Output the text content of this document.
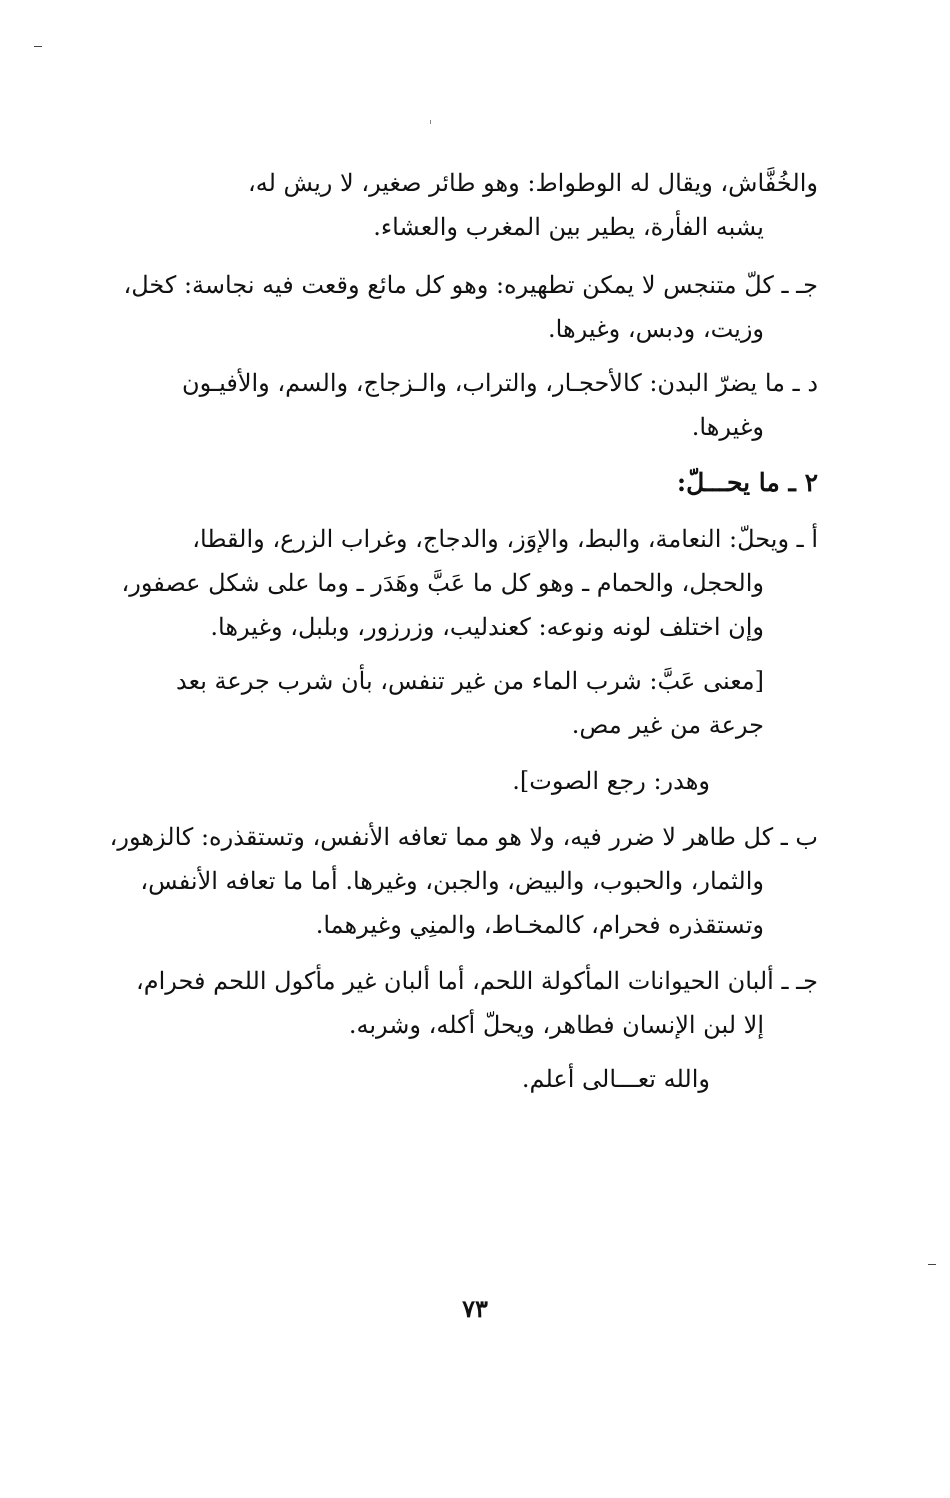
والخُفَّاش، ويقال له الوطواط: وهو طائر صغير، لا ريش له،
يشبه الفأرة، يطير بين المغرب والعشاء.
جـ ـ كلّ متنجس لا يمكن تطهيره: وهو كل مائع وقعت فيه نجاسة: كخل،
وزيت، ودبس، وغيرها.
د ـ ما يضرّ البدن: كالأحجـار، والتراب، والـزجاج، والسم، والأفيـون
وغيرها.
٢ ـ ما يحـــلّ:
أ ـ ويحلّ: النعامة، والبط، والإوَز، والدجاج، وغراب الزرع، والقطا،
والحجل، والحمام ـ وهو كل ما عَبَّ وهَدَر ـ وما على شكل عصفور،
وإن اختلف لونه ونوعه: كعندليب، وزرزور، وبلبل، وغيرها.
[معنى عَبَّ: شرب الماء من غير تنفس، بأن شرب جرعة بعد
جرعة من غير مص.
وهدر: رجع الصوت].
ب ـ كل طاهر لا ضرر فيه، ولا هو مما تعافه الأنفس، وتستقذره: كالزهور،
والثمار، والحبوب، والبيض، والجبن، وغيرها. أما ما تعافه الأنفس،
وتستقذره فحرام، كالمخـاط، والمنِي وغيرهما.
جـ ـ ألبان الحيوانات المأكولة اللحم، أما ألبان غير مأكول اللحم فحرام،
إلا لبن الإنسان فطاهر، ويحلّ أكله، وشربه.
والله تعـــالى أعلم.
٧٣
